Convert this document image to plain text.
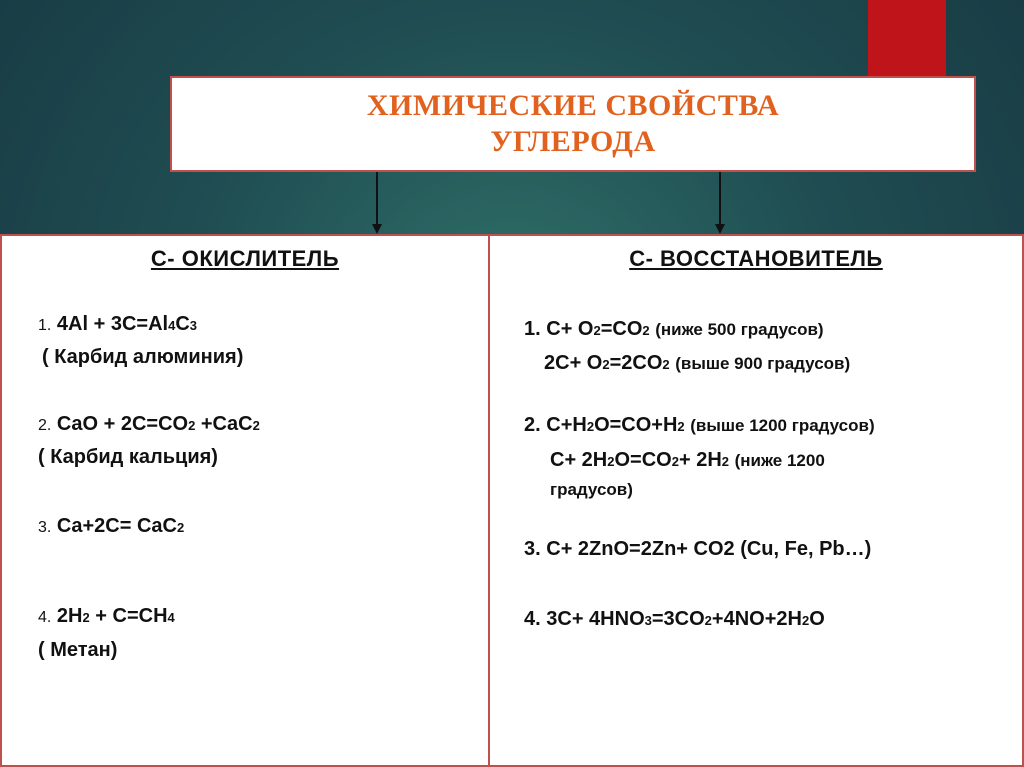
ХИМИЧЕСКИЕ СВОЙСТВА
УГЛЕРОДА
C- ОКИСЛИТЕЛЬ
1. 4Al + 3C=Al4C3
( Карбид алюминия)
2. CaO + 2C=CO2 +CaC2
( Карбид кальция)
3. Ca+2C= CaC2
4. 2H2 + C=CH4
( Метан)
C- ВОССТАНОВИТЕЛЬ
1. C+ O2=CO2 (ниже 500 градусов)
2C+ O2=2CO2 (выше 900 градусов)
2. C+H2O=CO+H2 (выше 1200 градусов)
C+ 2H2O=CO2+ 2H2 (ниже 1200
градусов)
3. C+ 2ZnO=2Zn+ CO2 (Cu, Fe, Pb…)
4. 3C+ 4HNO3=3CO2+4NO+2H2O
